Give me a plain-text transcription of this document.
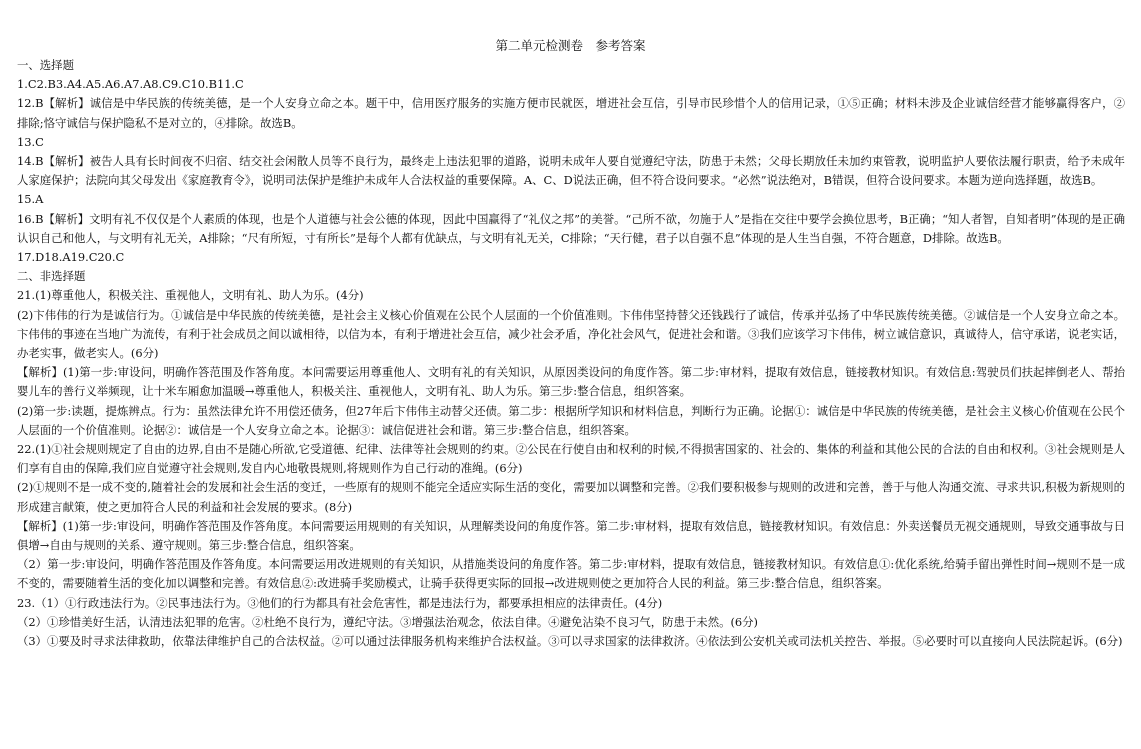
第二单元检测卷　参考答案

一、选择题

1.C2.B3.A4.A5.A6.A7.A8.C9.C10.B11.C

12.B【解析】诚信是中华民族的传统美德，是一个人安身立命之本。题干中，信用医疗服务的实施方便市民就医，增进社会互信，引导市民珍惜个人的信用记录，①⑤正确；材料未涉及企业诚信经营才能够赢得客户，②排除;恪守诚信与保护隐私不是对立的，④排除。故选B。

13.C

14.B【解析】被告人具有长时间夜不归宿、结交社会闲散人员等不良行为，最终走上违法犯罪的道路，说明未成年人要自觉遵纪守法，防患于未然；父母长期放任未加约束管教，说明监护人要依法履行职责，给予未成年人家庭保护；法院向其父母发出《家庭教育令》，说明司法保护是维护未成年人合法权益的重要保障。A、C、D说法正确，但不符合设问要求。“必然”说法绝对，B错误，但符合设问要求。本题为逆向选择题，故选B。

15.A

16.B【解析】文明有礼不仅仅是个人素质的体现，也是个人道德与社会公德的体现，因此中国赢得了“礼仪之邦”的美誉。“己所不欲，勿施于人”是指在交往中要学会换位思考，B正确；“知人者智，自知者明”体现的是正确认识自己和他人，与文明有礼无关，A排除；“尺有所短，寸有所长”是每个人都有优缺点，与文明有礼无关，C排除；“天行健，君子以自强不息”体现的是人生当自强，不符合题意，D排除。故选B。

17.D18.A19.C20.C

二、非选择题

21.(1)尊重他人，积极关注、重视他人，文明有礼、助人为乐。(4分)

(2)卞伟伟的行为是诚信行为。①诚信是中华民族的传统美德，是社会主义核心价值观在公民个人层面的一个价值准则。卞伟伟坚持替父还钱践行了诚信，传承并弘扬了中华民族传统美德。②诚信是一个人安身立命之本。卞伟伟的事迹在当地广为流传，有利于社会成员之间以诚相待，以信为本，有利于增进社会互信，减少社会矛盾，净化社会风气，促进社会和谐。③我们应该学习卞伟伟，树立诚信意识，真诚待人，信守承诺，说老实话，办老实事，做老实人。(6分)

【解析】(1)第一步:审设问，明确作答范围及作答角度。本问需要运用尊重他人、文明有礼的有关知识，从原因类设问的角度作答。第二步:审材料，提取有效信息，链接教材知识。有效信息:驾驶员们扶起摔倒老人、帮抬婴儿车的善行义举频现，让十米车厢愈加温暖→尊重他人，积极关注、重视他人，文明有礼、助人为乐。第三步:整合信息，组织答案。

(2)第一步:读题，提炼辨点。行为：虽然法律允许不用偿还债务，但27年后卞伟伟主动替父还债。第二步：根据所学知识和材料信息，判断行为正确。论据①：诚信是中华民族的传统美德，是社会主义核心价值观在公民个人层面的一个价值准则。论据②：诚信是一个人安身立命之本。论据③：诚信促进社会和谐。第三步:整合信息，组织答案。

22.(1)①社会规则规定了自由的边界,自由不是随心所欲,它受道德、纪律、法律等社会规则的约束。②公民在行使自由和权利的时候,不得损害国家的、社会的、集体的利益和其他公民的合法的自由和权利。③社会规则是人们享有自由的保障,我们应自觉遵守社会规则,发自内心地敬畏规则,将规则作为自己行动的准绳。(6分)

(2)①规则不是一成不变的,随着社会的发展和社会生活的变迁，一些原有的规则不能完全适应实际生活的变化，需要加以调整和完善。②我们要积极参与规则的改进和完善，善于与他人沟通交流、寻求共识,积极为新规则的形成建言献策，使之更加符合人民的利益和社会发展的要求。(8分)

【解析】(1)第一步:审设问，明确作答范围及作答角度。本问需要运用规则的有关知识，从理解类设问的角度作答。第二步:审材料，提取有效信息，链接教材知识。有效信息：外卖送餐员无视交通规则，导致交通事故与日俱增→自由与规则的关系、遵守规则。第三步:整合信息，组织答案。

（2）第一步:审设问，明确作答范围及作答角度。本问需要运用改进规则的有关知识，从措施类设问的角度作答。第二步:审材料，提取有效信息，链接教材知识。有效信息①:优化系统,给骑手留出弹性时间→规则不是一成不变的，需要随着生活的变化加以调整和完善。有效信息②:改进骑手奖励模式，让骑手获得更实际的回报→改进规则使之更加符合人民的利益。第三步:整合信息，组织答案。

23.（1）①行政违法行为。②民事违法行为。③他们的行为都具有社会危害性，都是违法行为，都要承担相应的法律责任。(4分)

（2）①珍惜美好生活，认清违法犯罪的危害。②杜绝不良行为，遵纪守法。③增强法治观念，依法自律。④避免沾染不良习气，防患于未然。(6分)

（3）①要及时寻求法律救助，依靠法律维护自己的合法权益。②可以通过法律服务机构来维护合法权益。③可以寻求国家的法律救济。④依法到公安机关或司法机关控告、举报。⑤必要时可以直接向人民法院起诉。(6分)
